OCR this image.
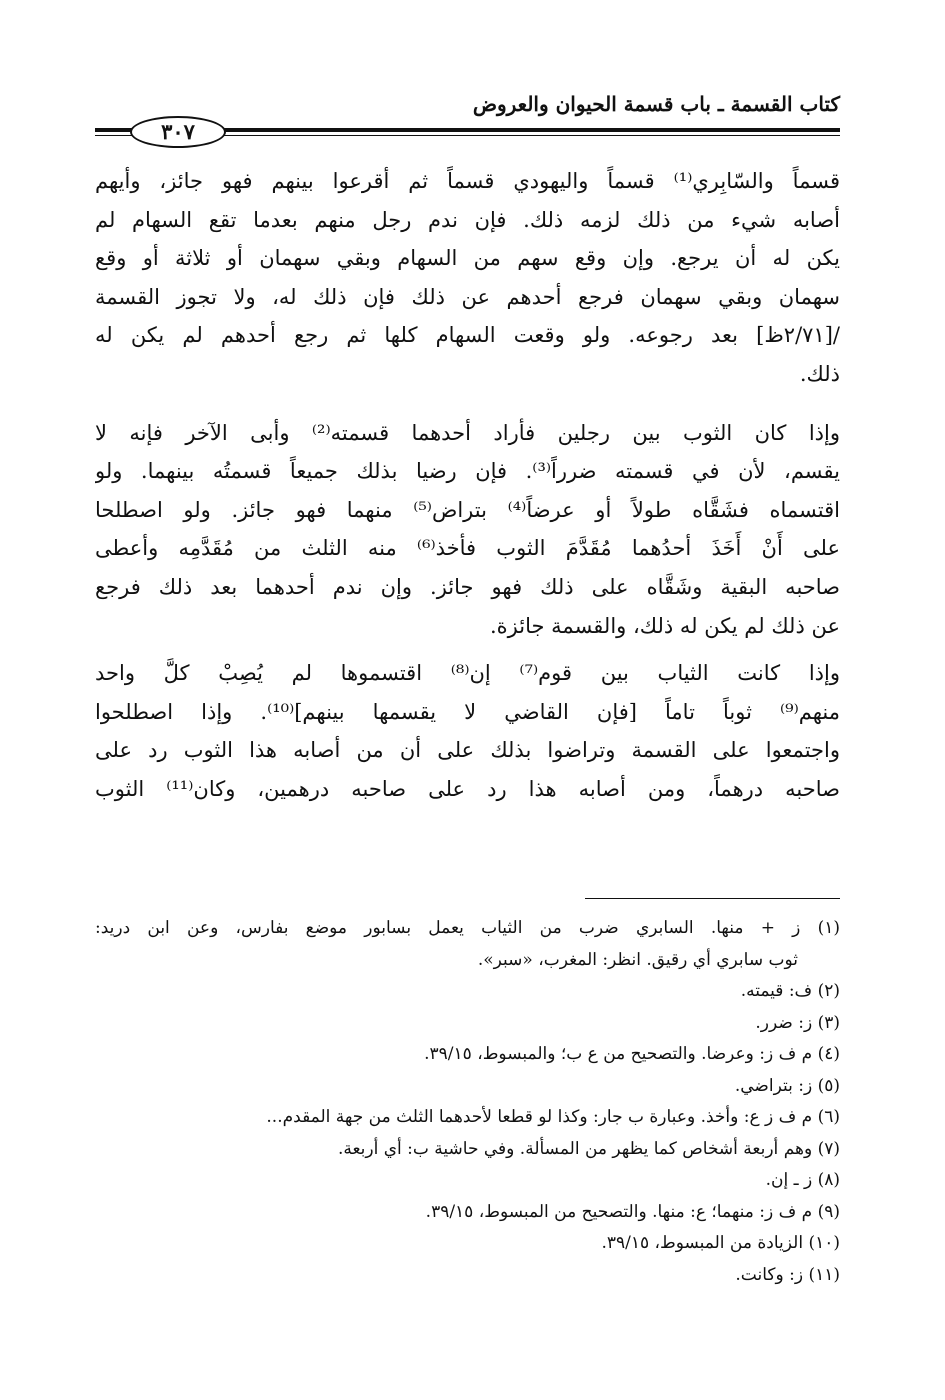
كتاب القسمة ـ باب قسمة الحيوان والعروض
٣٠٧
قسماً والسّابِري⁽¹⁾ قسماً واليهودي قسماً ثم أقرعوا بينهم فهو جائز، وأيهم
أصابه شيء من ذلك لزمه ذلك. فإن ندم رجل منهم بعدما تقع السهام لم
يكن له أن يرجع. وإن وقع سهم من السهام وبقي سهمان أو ثلاثة أو وقع
سهمان وبقي سهمان فرجع أحدهم عن ذلك فإن ذلك له، ولا تجوز القسمة
/[٢/٧١ظ] بعد رجوعه. ولو وقعت السهام كلها ثم رجع أحدهم لم يكن له
ذلك.
وإذا كان الثوب بين رجلين فأراد أحدهما قسمته⁽²⁾ وأبى الآخر فإنه لا
يقسم، لأن في قسمته ضرراً⁽³⁾. فإن رضيا بذلك جميعاً قسمتُه بينهما. ولو
اقتسماه فشَقَّاه طولاً أو عرضاً⁽⁴⁾ بتراض⁽⁵⁾ منهما فهو جائز. ولو اصطلحا
على أَنْ أَخَذَ أحدُهما مُقَدَّمَ الثوب فأخذ⁽⁶⁾ منه الثلث من مُقَدَّمِه وأعطى
صاحبه البقية وشَقَّاه على ذلك فهو جائز. وإن ندم أحدهما بعد ذلك فرجع
عن ذلك لم يكن له ذلك، والقسمة جائزة.
وإذا كانت الثياب بين قوم⁽⁷⁾ إن⁽⁸⁾ اقتسموها لم يُصِبْ كلَّ واحد
منهم⁽⁹⁾ ثوباً تاماً [فإن القاضي لا يقسمها بينهم]⁽¹⁰⁾. وإذا اصطلحوا
واجتمعوا على القسمة وتراضوا بذلك على أن من أصابه هذا الثوب رد على
صاحبه درهماً، ومن أصابه هذا رد على صاحبه درهمين، وكان⁽¹¹⁾ الثوب
(١) ز + منها. السابري ضرب من الثياب يعمل بسابور موضع بفارس، وعن ابن دريد:
ثوب سابري أي رقيق. انظر: المغرب، «سبر».
(٢) ف: قيمته.
(٣) ز: ضرر.
(٤) م ف ز: وعرضا. والتصحيح من ع ب؛ والمبسوط، ٣٩/١٥.
(٥) ز: بتراضي.
(٦) م ف ز ع: وأخذ. وعبارة ب جار: وكذا لو قطعا لأحدهما الثلث من جهة المقدم...
(٧) وهم أربعة أشخاص كما يظهر من المسألة. وفي حاشية ب: أي أربعة.
(٨) ز ـ إن.
(٩) م ف ز: منهما؛ ع: منها. والتصحيح من المبسوط، ٣٩/١٥.
(١٠) الزيادة من المبسوط، ٣٩/١٥.
(١١) ز: وكانت.
